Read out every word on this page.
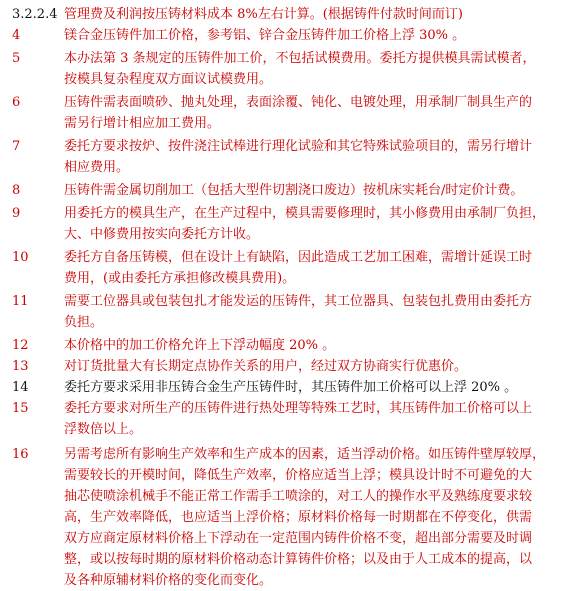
3.2.2.4 管理费及利润按压铸材料成本 8%左右计算。(根据铸件付款时间而订)
4	镁合金压铸件加工价格，参考铝、锌合金压铸件加工价格上浮 30% 。
5	本办法第 3 条规定的压铸件加工价，不包括试模费用。委托方提供模具需试模者，
按模具复杂程度双方面议试模费用。
6	压铸件需表面喷砂、抛丸处理，表面涂覆、钝化、电镀处理，用承制厂制具生产的
需另行增计相应加工费用。
7	委托方要求按炉、按件浇注试棒进行理化试验和其它特殊试验项目的，需另行增计
相应费用。
8	压铸件需金属切削加工（包括大型件切割浇口废边）按机床实耗台/时定价计费。
9	用委托方的模具生产，在生产过程中，模具需要修理时，其小修费用由承制厂负担，
大、中修费用按实向委托方计收。
10	委托方自备压铸模，但在设计上有缺陷，因此造成工艺加工困难，需增计延误工时
费用，(或由委托方承担修改模具费用)。
11	需要工位器具或包装包扎才能发运的压铸件，其工位器具、包装包扎费用由委托方
负担。
12	本价格中的加工价格允许上下浮动幅度 20% 。
13	对订货批量大有长期定点协作关系的用户，经过双方协商实行优惠价。
14	委托方要求采用非压铸合金生产压铸件时，其压铸件加工价格可以上浮 20% 。
15	委托方要求对所生产的压铸件进行热处理等特殊工艺时，其压铸件加工价格可以上
浮数倍以上。
16	另需考虑所有影响生产效率和生产成本的因素，适当浮动价格。如压铸件壁厚较厚，
需要较长的开模时间，降低生产效率，价格应适当上浮；模具设计时不可避免的大
抽芯使喷涂机械手不能正常工作需手工喷涂的，对工人的操作水平及熟练度要求较
高，生产效率降低，也应适当上浮价格；原材料价格每一时期都在不停变化，供需
双方应商定原材料价格上下浮动在一定范围内铸件价格不变，超出部分需要及时调
整，或以按每时期的原材料价格动态计算铸件价格；以及由于人工成本的提高，以
及各种原辅材料价格的变化而变化。
